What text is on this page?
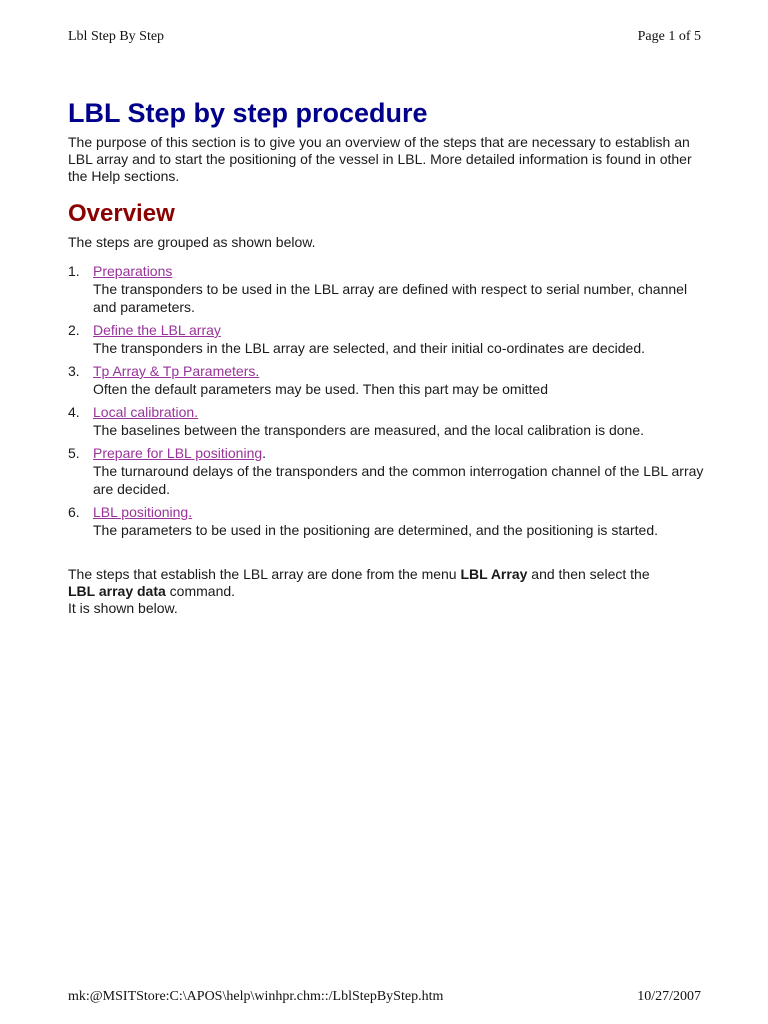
Lbl Step By Step	Page 1 of 5
LBL Step by step procedure

The purpose of this section is to give you an overview of the steps that are necessary to establish an LBL array and to start the positioning of the vessel in LBL. More detailed information is found in other the Help sections.

Overview

The steps are grouped as shown below.

1. Preparations
The transponders to be used in the LBL array are defined with respect to serial number, channel and parameters.
2. Define the LBL array
The transponders in the LBL array are selected, and their initial co-ordinates are decided.
3. Tp Array & Tp Parameters.
Often the default parameters may be used. Then this part may be omitted
4. Local calibration.
The baselines between the transponders are measured, and the local calibration is done.
5. Prepare for LBL positioning.
The turnaround delays of the transponders and the common interrogation channel of the LBL array are decided.
6. LBL positioning.
The parameters to be used in the positioning are determined, and the positioning is started.

The steps that establish the LBL array are done from the menu LBL Array and then select the
LBL array data command.
It is shown below.

mk:@MSITStore:C:\APOS\help\winhpr.chm::/LblStepByStep.htm	10/27/2007
